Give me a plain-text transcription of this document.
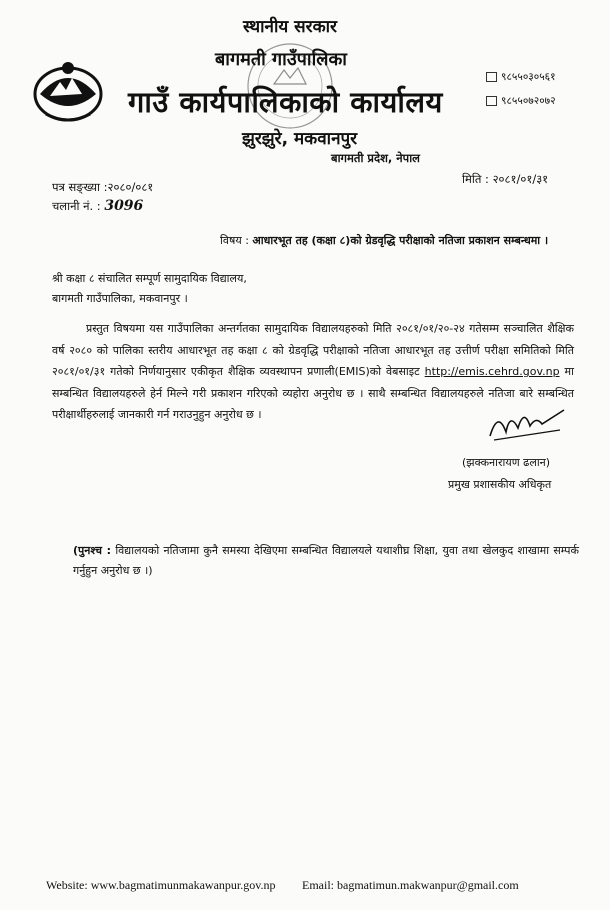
स्थानीय सरकार
बागमती गाउँपालिका
गाउँ कार्यपालिकाको कार्यालय
झुरझुरे, मकवानपुर
बागमती प्रदेश, नेपाल
९८५५०३०५६१
९८५५०७२०७२
मिति : २०८१/०१/३१
पत्र सङ्ख्या :२०८०/०८१
चलानी नं. : 3096
विषय : आधारभूत तह (कक्षा ८)को ग्रेडवृद्धि परीक्षाको नतिजा प्रकाशन सम्बन्धमा ।
श्री कक्षा ८ संचालित सम्पूर्ण सामुदायिक विद्यालय,
बागमती गाउँपालिका, मकवानपुर ।
प्रस्तुत विषयमा यस गाउँपालिका अन्तर्गतका सामुदायिक विद्यालयहरुको मिति २०८१/०१/२०-२४ गतेसम्म सञ्चालित शैक्षिक वर्ष २०८० को पालिका स्तरीय आधारभूत तह कक्षा ८ को ग्रेडवृद्धि परीक्षाको नतिजा आधारभूत तह उत्तीर्ण परीक्षा समितिको मिति २०८१/०१/३१ गतेको निर्णयानुसार एकीकृत शैक्षिक व्यवस्थापन प्रणाली(EMIS)को वेबसाइट http://emis.cehrd.gov.np मा सम्बन्धित विद्यालयहरुले हेर्न मिल्ने गरी प्रकाशन गरिएको व्यहोरा अनुरोध छ । साथै सम्बन्धित विद्यालयहरुले नतिजा बारे सम्बन्धित परीक्षार्थीहरुलाई जानकारी गर्न गराउनुहुन अनुरोध छ ।
(झक्कनारायण ढलान)
प्रमुख प्रशासकीय अधिकृत
(पुनश्च : विद्यालयको नतिजामा कुनै समस्या देखिएमा सम्बन्धित विद्यालयले यथाशीघ्र शिक्षा, युवा तथा खेलकुद शाखामा सम्पर्क गर्नुहुन अनुरोध छ ।)
Website: www.bagmatimunmakawanpur.gov.np Email: bagmatimun.makwanpur@gmail.com
